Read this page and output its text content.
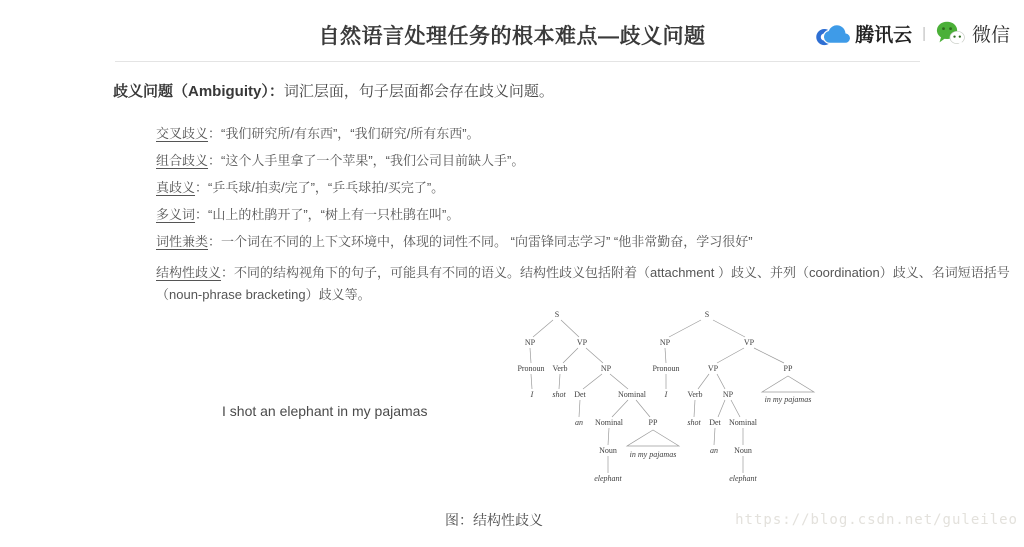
自然语言处理任务的根本难点—歧义问题	腾讯云 | 微信

歧义问题（Ambiguity）：词汇层面，句子层面都会存在歧义问题。

交叉歧义：“我们研究所/有东西”，“我们研究/所有东西”。
组合歧义：“这个人手里拿了一个苹果”，“我们公司目前缺人手”。
真歧义：“乒乓球/拍卖/完了”，“乒乓球拍/买完了”。
多义词：“山上的杜鹃开了”，“树上有一只杜鹃在叫”。
词性兼类：一个词在不同的上下文环境中，体现的词性不同。 “向雷锋同志学习” “他非常勤奋，学习很好”
结构性歧义：不同的结构视角下的句子，可能具有不同的语义。结构性歧义包括附着（attachment ）歧义、并列（coordination）歧义、名词短语括号
（noun-phrase bracketing）歧义等。
I shot an elephant in my pajamas
S
NP	VP
Pronoun Verb	NP
I shot Det	Nominal
an Nominal	PP
Noun in my pajamas
elephant
S
NP	VP
Pronoun	VP	PP
I	Verb	NP
in my pajamas
shot Det Nominal
an Noun
elephant
图：结构性歧义	https://blog.csdn.net/guleileo
